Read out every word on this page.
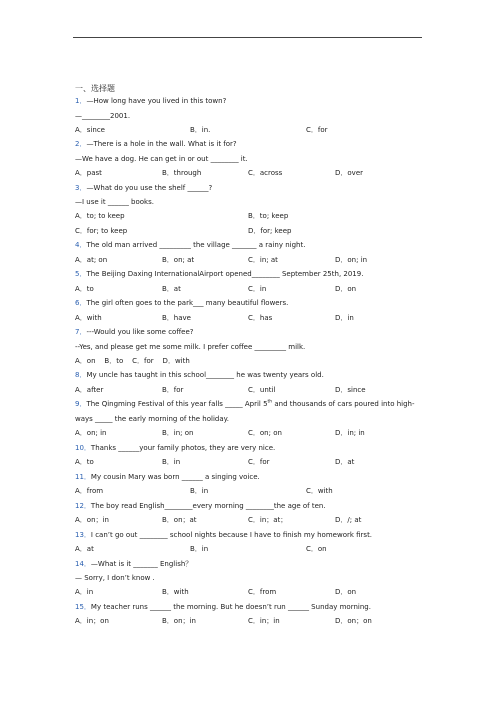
一、选择题
1．—How long have you lived in this town?
—________2001.
A．since	B．in.	C．for
2．—There is a hole in the wall. What is it for?
—We have a dog. He can get in or out ________ it.
A．past	B．through	C．across	D．over
3．—What do you use the shelf ______?
—I use it ______ books.
A．to; to keep	B．to; keep
C．for; to keep	D．for; keep
4．The old man arrived _________ the village _______ a rainy night.
A．at; on	B．on; at	C．in; at	D．on; in
5．The Beijing Daxing InternationalAirport opened________ September 25th, 2019.
A．to	B．at	C．in	D．on
6．The girl often goes to the park___ many beautiful flowers.
A．with	B．have	C．has	D．in
7．---Would you like some coffee?
--Yes, and please get me some milk. I prefer coffee _________ milk.
A．on    B．to    C．for    D．with
8．My uncle has taught in this school________ he was twenty years old.
A．after	B．for	C．until	D．since
9．The Qingming Festival of this year falls _____ April 5th and thousands of cars poured into high-
ways _____ the early morning of the holiday.
A．on; in	B．in; on	C．on; on	D．in; in
10．Thanks ______your family photos, they are very nice.
A．to	B．in	C．for	D．at
11．My cousin Mary was born ______ a singing voice.
A．from	B．in	C．with
12．The boy read English________every morning ________the age of ten.
A．on；in	B．on；at	C．in；at；	D．/; at
13．I can’t go out ________ school nights because I have to finish my homework first.
A．at	B．in	C．on
14．—What is it _______ English？
— Sorry, I don’t know .
A．in	B．with	C．from	D．on
15．My teacher runs ______ the morning. But he doesn’t run ______ Sunday morning.
A．in；on	B．on；in	C．in；in	D．on；on
